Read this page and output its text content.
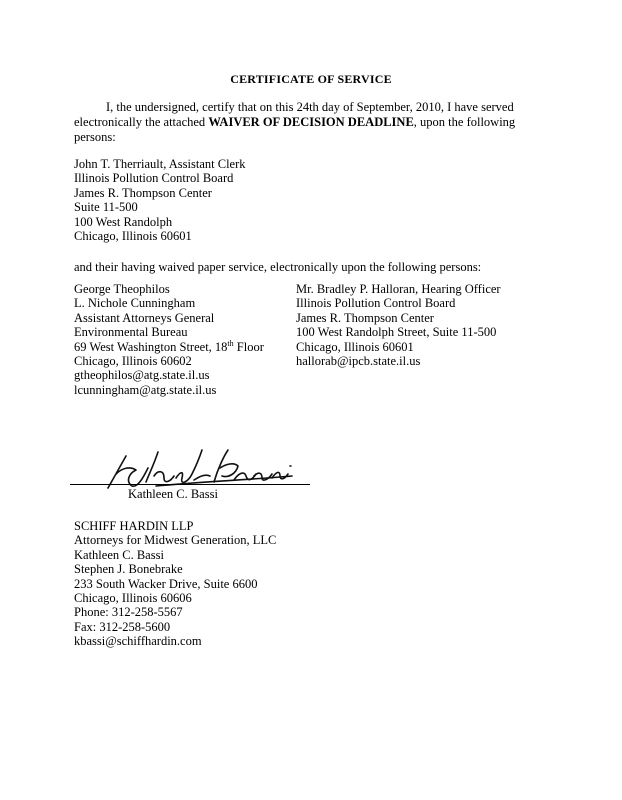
CERTIFICATE OF SERVICE
I, the undersigned, certify that on this 24th day of September, 2010, I have served
electronically the attached WAIVER OF DECISION DEADLINE, upon the following
persons:
John T. Therriault, Assistant Clerk
Illinois Pollution Control Board
James R. Thompson Center
Suite 11-500
100 West Randolph
Chicago, Illinois 60601
and their having waived paper service, electronically upon the following persons:
George Theophilos
L. Nichole Cunningham
Assistant Attorneys General
Environmental Bureau
69 West Washington Street, 18th Floor
Chicago, Illinois 60602
gtheophilos@atg.state.il.us
lcunningham@atg.state.il.us
Mr. Bradley P. Halloran, Hearing Officer
Illinois Pollution Control Board
James R. Thompson Center
100 West Randolph Street, Suite 11-500
Chicago, Illinois 60601
hallorab@ipcb.state.il.us
Kathleen C. Bassi
SCHIFF HARDIN LLP
Attorneys for Midwest Generation, LLC
Kathleen C. Bassi
Stephen J. Bonebrake
233 South Wacker Drive, Suite 6600
Chicago, Illinois 60606
Phone: 312-258-5567
Fax: 312-258-5600
kbassi@schiffhardin.com
